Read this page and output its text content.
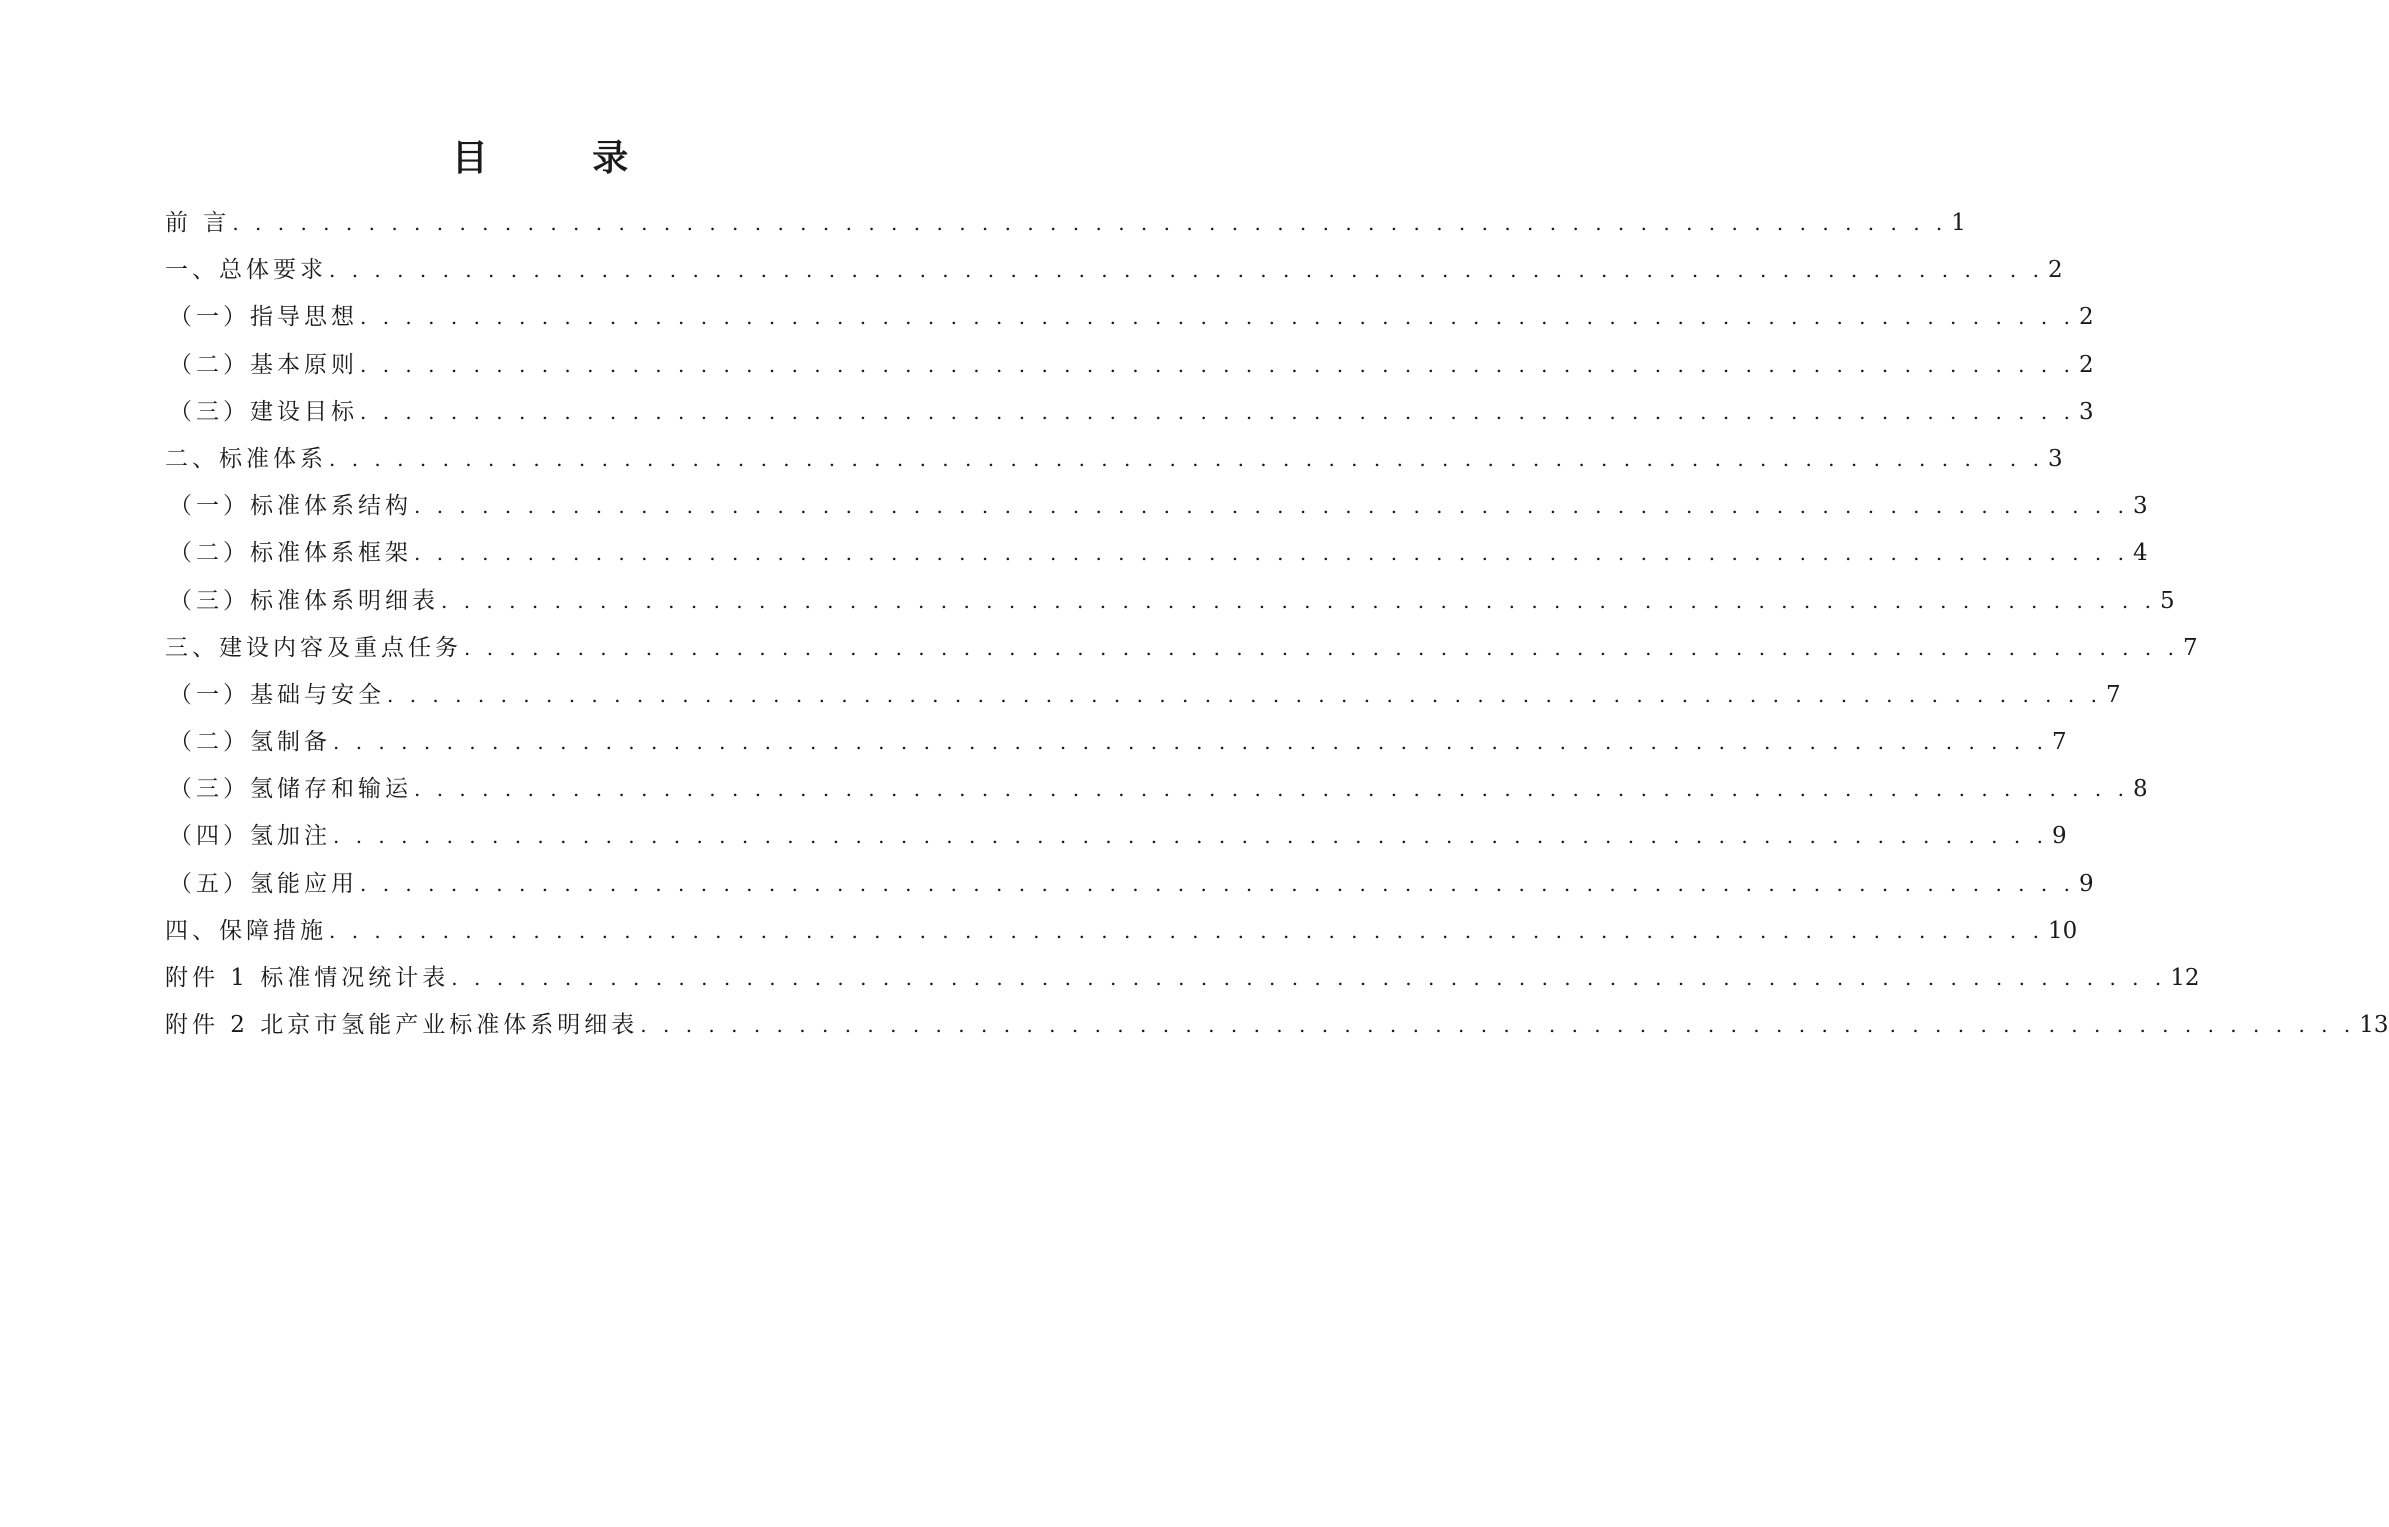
目 录
前 言 . . . . . . . . . . . . . . . . . . . . . . . . . . . . . . . . . . . . . . . . . . . . . . . . . . . . . . . . . . . . . . . . . . . . . . . . . . . . 1
一、总体要求 . . . . . . . . . . . . . . . . . . . . . . . . . . . . . . . . . . . . . . . . . . . . . . . . . . . . . . . . . . . . . . . . . . . . . . . . . . . . 2
（一）指导思想 . . . . . . . . . . . . . . . . . . . . . . . . . . . . . . . . . . . . . . . . . . . . . . . . . . . . . . . . . . . . . . . . . . . . . . . . . . . . 2
（二）基本原则 . . . . . . . . . . . . . . . . . . . . . . . . . . . . . . . . . . . . . . . . . . . . . . . . . . . . . . . . . . . . . . . . . . . . . . . . . . . . 2
（三）建设目标 . . . . . . . . . . . . . . . . . . . . . . . . . . . . . . . . . . . . . . . . . . . . . . . . . . . . . . . . . . . . . . . . . . . . . . . . . . . . 3
二、标准体系 . . . . . . . . . . . . . . . . . . . . . . . . . . . . . . . . . . . . . . . . . . . . . . . . . . . . . . . . . . . . . . . . . . . . . . . . . . . . 3
（一）标准体系结构 . . . . . . . . . . . . . . . . . . . . . . . . . . . . . . . . . . . . . . . . . . . . . . . . . . . . . . . . . . . . . . . . . . . . . . . . . . . . 3
（二）标准体系框架 . . . . . . . . . . . . . . . . . . . . . . . . . . . . . . . . . . . . . . . . . . . . . . . . . . . . . . . . . . . . . . . . . . . . . . . . . . . . 4
（三）标准体系明细表 . . . . . . . . . . . . . . . . . . . . . . . . . . . . . . . . . . . . . . . . . . . . . . . . . . . . . . . . . . . . . . . . . . . . . . . . . . . . 5
三、建设内容及重点任务 . . . . . . . . . . . . . . . . . . . . . . . . . . . . . . . . . . . . . . . . . . . . . . . . . . . . . . . . . . . . . . . . . . . . . . . . . . . . 7
（一）基础与安全 . . . . . . . . . . . . . . . . . . . . . . . . . . . . . . . . . . . . . . . . . . . . . . . . . . . . . . . . . . . . . . . . . . . . . . . . . . . . 7
（二）氢制备 . . . . . . . . . . . . . . . . . . . . . . . . . . . . . . . . . . . . . . . . . . . . . . . . . . . . . . . . . . . . . . . . . . . . . . . . . . . . 7
（三）氢储存和输运 . . . . . . . . . . . . . . . . . . . . . . . . . . . . . . . . . . . . . . . . . . . . . . . . . . . . . . . . . . . . . . . . . . . . . . . . . . . . 8
（四）氢加注 . . . . . . . . . . . . . . . . . . . . . . . . . . . . . . . . . . . . . . . . . . . . . . . . . . . . . . . . . . . . . . . . . . . . . . . . . . . . 9
（五）氢能应用 . . . . . . . . . . . . . . . . . . . . . . . . . . . . . . . . . . . . . . . . . . . . . . . . . . . . . . . . . . . . . . . . . . . . . . . . . . . . 9
四、保障措施 . . . . . . . . . . . . . . . . . . . . . . . . . . . . . . . . . . . . . . . . . . . . . . . . . . . . . . . . . . . . . . . . . . . . . . . . . . . . 10
附件 1 标准情况统计表 . . . . . . . . . . . . . . . . . . . . . . . . . . . . . . . . . . . . . . . . . . . . . . . . . . . . . . . . . . . . . . . . . . . . . . . . . . . . 12
附件 2 北京市氢能产业标准体系明细表 . . . . . . . . . . . . . . . . . . . . . . . . . . . . . . . . . . . . . . . . . . . . . . . . . . . . . . . . . . . . . . . . . . . . . . . . . . . . 13
